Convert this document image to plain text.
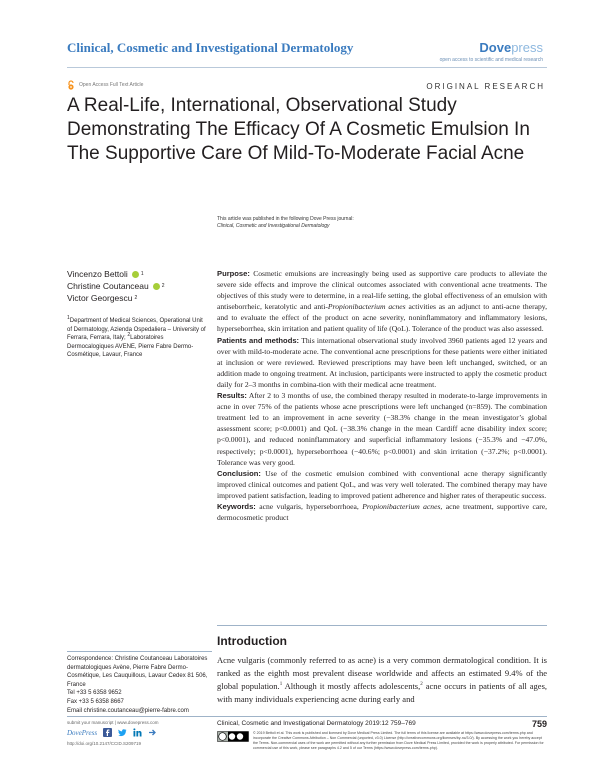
Clinical, Cosmetic and Investigational Dermatology	Dovepress
open access to scientific and medical research
Open Access Full Text Article	ORIGINAL RESEARCH
A Real-Life, International, Observational Study Demonstrating The Efficacy Of A Cosmetic Emulsion In The Supportive Care Of Mild-To-Moderate Facial Acne
This article was published in the following Dove Press journal:
Clinical, Cosmetic and Investigational Dermatology
Vincenzo Bettoli	1
Christine Coutanceau	2
Victor Georgescu 2
$^1$Department of Medical Sciences, Operational Unit of Dermatology, Azienda Ospedaliera – University of Ferrara, Ferrara, Italy; $^2$Laboratoires Dermocalogiques AVENE, Pierre Fabre Dermo-Cosmétique, Lavaur, France

Purpose: Cosmetic emulsions are increasingly being used as supportive care products to alleviate the severe side effects and improve the clinical outcomes associated with conventional acne treatments. The objectives of this study were to determine, in a real-life setting, the global effectiveness of an emulsion with antiseborrheic, keratolytic and anti-Propionibacterium acnes activities as an adjunct to anti-acne therapy, and to evaluate the effect of the product on acne severity, noninflammatory and inflammatory lesions, hyperseborrhea, skin irritation and patient quality of life (QoL). Tolerance of the product was also assessed.

Patients and methods: This international observational study involved 3960 patients aged 12 years and over with mild-to-moderate acne. The conventional acne prescriptions for these patients were either initiated at inclusion or were reviewed. Reviewed prescriptions may have been left unchanged, switched, or an addition made to ongoing treatment. At inclusion, participants were instructed to apply the cosmetic product daily for 2–3 months in combina-tion with their medical acne treatment.

Results: After 2 to 3 months of use, the combined therapy resulted in moderate-to-large improvements in acne in over 75% of the patients whose acne prescriptions were left unchanged (n=859). The combination treatment led to an improvement in acne severity (−38.3% change in the mean investigator’s global assessment score; p<0.0001) and QoL (−38.3% change in the mean Cardiff acne disability index score; p<0.0001), and reduced noninflammatory and superficial inflammatory lesions (−35.3% and −47.0%, respectively; p<0.0001), hyperseborrhoea (−40.6%; p<0.0001) and skin irritation (−37.2%; p<0.0001). Tolerance was very good.

Conclusion: Use of the cosmetic emulsion combined with conventional acne therapy significantly improved clinical outcomes and patient QoL, and was very well tolerated. The combined therapy may have improved patient satisfaction, leading to improved patient adherence and higher rates of therapeutic success.

Keywords: acne vulgaris, hyperseborrhoea, Propionibacterium acnes, acne treatment, supportive care, dermocosmetic product

Correspondence: Christine Coutanceau Laboratoires dermatologiques Avène, Pierre Fabre Dermo-Cosmétique, Les Cauquillous, Lavaur Cedex 81 506, France
Tel +33 5 6358 9652
Fax +33 5 6358 8667
Email christine.coutanceau@pierre-fabre.com
Introduction
Acne vulgaris (commonly referred to as acne) is a very common dermatological condition. It is ranked as the eighth most prevalent disease worldwide and affects an estimated 9.4% of the global population.$^1$ Although it mostly affects adolescents,$^2$ acne occurs in patients of all ages, with many individuals experiencing acne during early and
submit your manuscript | www.dovepress.com
DovePress
http://doi.org/10.2147/CCID.S209719
Clinical, Cosmetic and Investigational Dermatology 2019:12 759–769	759
© 2019 Bettoli et al. This work is published and licensed by Dove Medical Press Limited. The full terms of this license are available at https://www.dovepress.com/terms.php and incorporate the Creative Commons Attribution – Non Commercial (unported, v3.0) License (http://creativecommons.org/licenses/by-nc/3.0/). By accessing the work you hereby accept the Terms. Non-commercial uses of the work are permitted without any further permission from Dove Medical Press Limited, provided the work is properly attributed. For permission for commercial use of this work, please see paragraphs 4.2 and 5 of our Terms (https://www.dovepress.com/terms.php).
